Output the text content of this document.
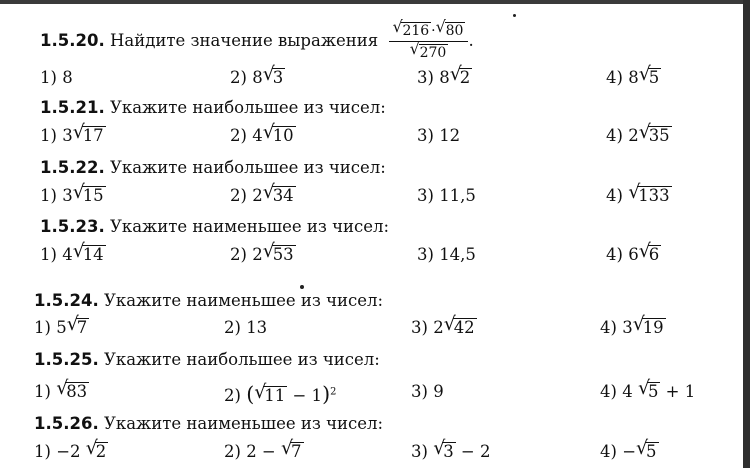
1.5.20. Найдите значение выражения $\frac{√ 216 \cdot √ 80}{√ 270}$ .
1) 8	2) 8 √
3	3) 8 √
2	4) 8 √
5
1.5.21. Укажите наибольшее из чисел:
1) 3 √
17	2) 4 √
10	3) 12	4) 2 √
35
1.5.22. Укажите наибольшее из чисел:
1) 3 √
15	2) 2 √
34	3) 11,5	4) √
133
1.5.23. Укажите наименьшее из чисел:
1) 4 √
14	2) 2 √
53	3) 14,5	4) 6 √
6
1.5.24. Укажите наименьшее из чисел:
1) 5 √
7	2) 13	3) 2 √
42	4) 3 √
19
1.5.25. Укажите наибольшее из чисел:
1) √
83	2) ( √
11 − 1)$^2$	3) 9	4) 4 √
5 + 1
1.5.26. Укажите наименьшее из чисел:
1) −2 √
2	2) 2 − √
7	3) √
3 − 2	4) − √
5
